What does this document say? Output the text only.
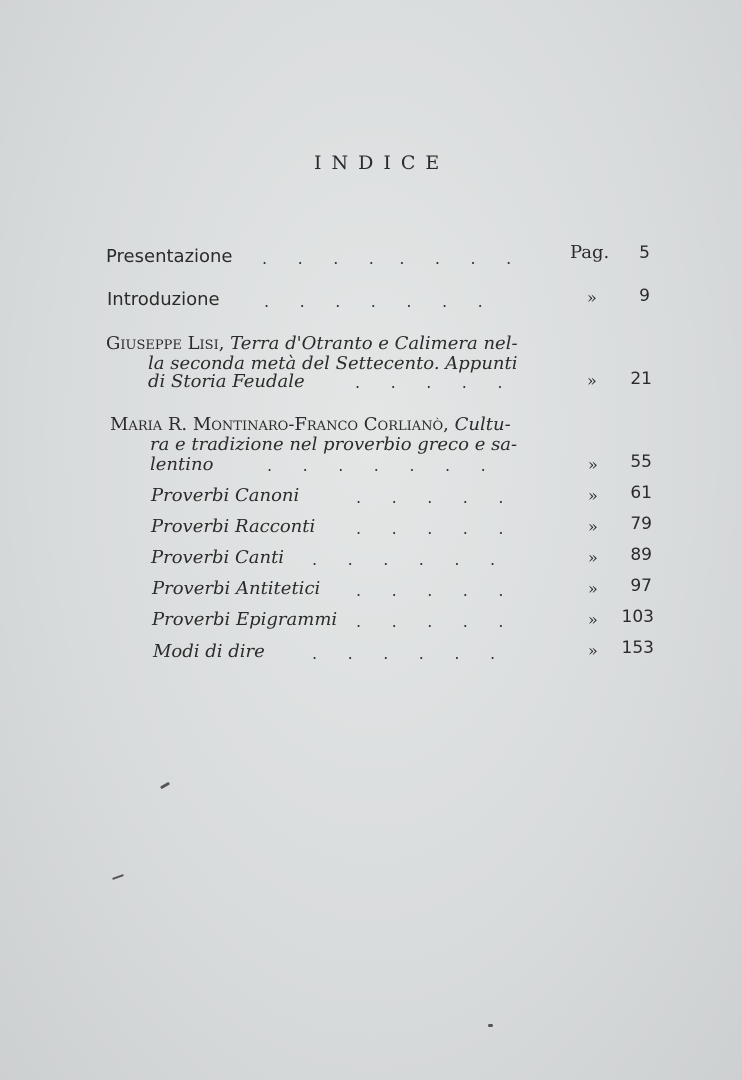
INDICE
Presentazione .      .      .      .     .      .      .      .	Pag.	5
Introduzione	.      .      .      .      .      .      .	»	9
Giuseppe Lisi, Terra d'Otranto e Calimera nel-
la seconda metà del Settecento. Appunti
di Storia Feudale	.      .      .      .      .	»	21
Maria R. Montinaro-Franco Corlianò, Cultu-
ra e tradizione nel proverbio greco e sa-
lentino	.      .      .      .      .      .      .	»	55
Proverbi Canoni	.      .      .      .      .	»	61
Proverbi Racconti	.      .      .      .      .	»	79
Proverbi Canti .      .      .      .      .      .	»	89
Proverbi Antitetici .      .      .      .      .	»	97
Proverbi Epigrammi .      .      .      .      .	»	103
Modi di dire	.      .      .      .      .      .	»	153
